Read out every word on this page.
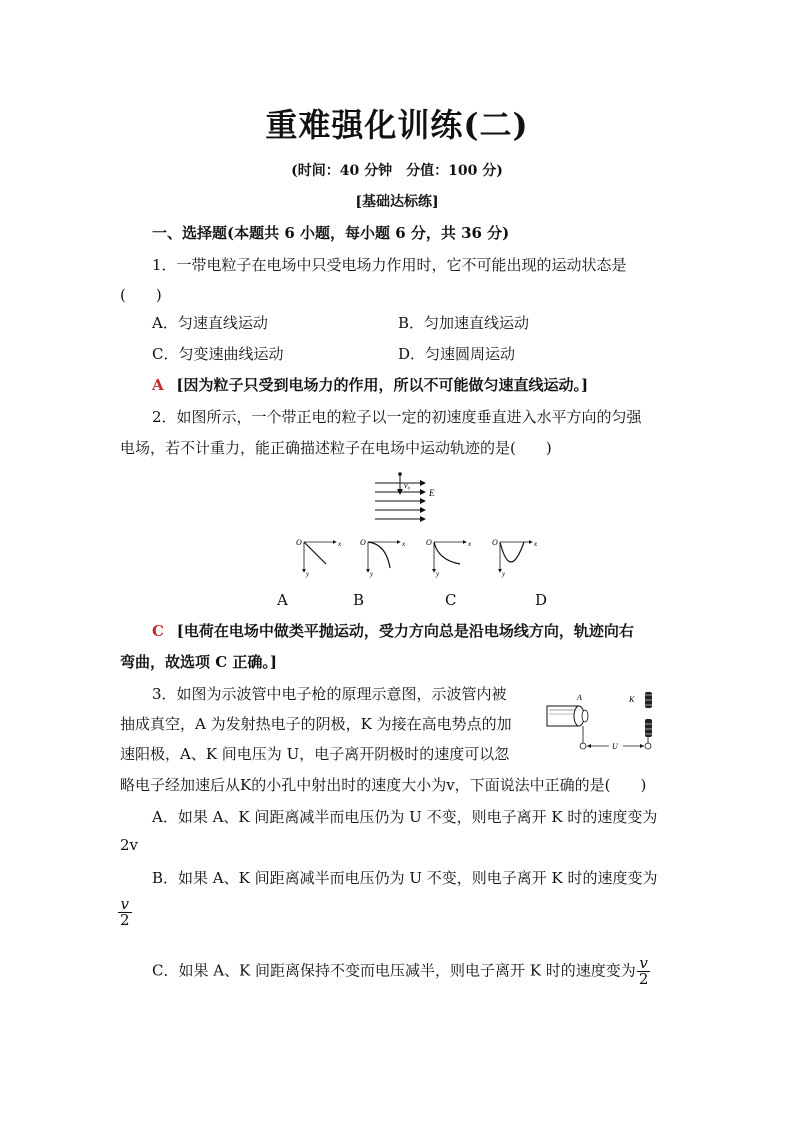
重难强化训练(二)
(时间：40 分钟　分值：100 分)
[基础达标练]
一、选择题(本题共 6 小题，每小题 6 分，共 36 分)
1．一带电粒子在电场中只受电场力作用时，它不可能出现的运动状态是
(　　)
A．匀速直线运动	B．匀加速直线运动
C．匀变速曲线运动	D．匀速圆周运动
A [因为粒子只受到电场力的作用，所以不可能做匀速直线运动。]
2．如图所示，一个带正电的粒子以一定的初速度垂直进入水平方向的匀强
电场，若不计重力，能正确描述粒子在电场中运动轨迹的是(　　)
v₀
E
O	x
y
O	x
y
O	x
y
O	x
y
A	B	C	D
C [电荷在电场中做类平抛运动，受力方向总是沿电场线方向，轨迹向右
弯曲，故选项 C 正确。]
3．如图为示波管中电子枪的原理示意图，示波管内被
抽成真空，A 为发射热电子的阴极，K 为接在高电势点的加
速阳极，A、K 间电压为 U，电子离开阴极时的速度可以忽
略电子经加速后从K的小孔中射出时的速度大小为v，下面说法中正确的是(　　)
A	K
U
A．如果 A、K 间距离减半而电压仍为 U 不变，则电子离开 K 时的速度变为
2v
B．如果 A、K 间距离减半而电压仍为 U 不变，则电子离开 K 时的速度变为
$\frac{v}{2}$
C．如果 A、K 间距离保持不变而电压减半，则电子离开 K 时的速度变为 $\frac{v}{2}$
